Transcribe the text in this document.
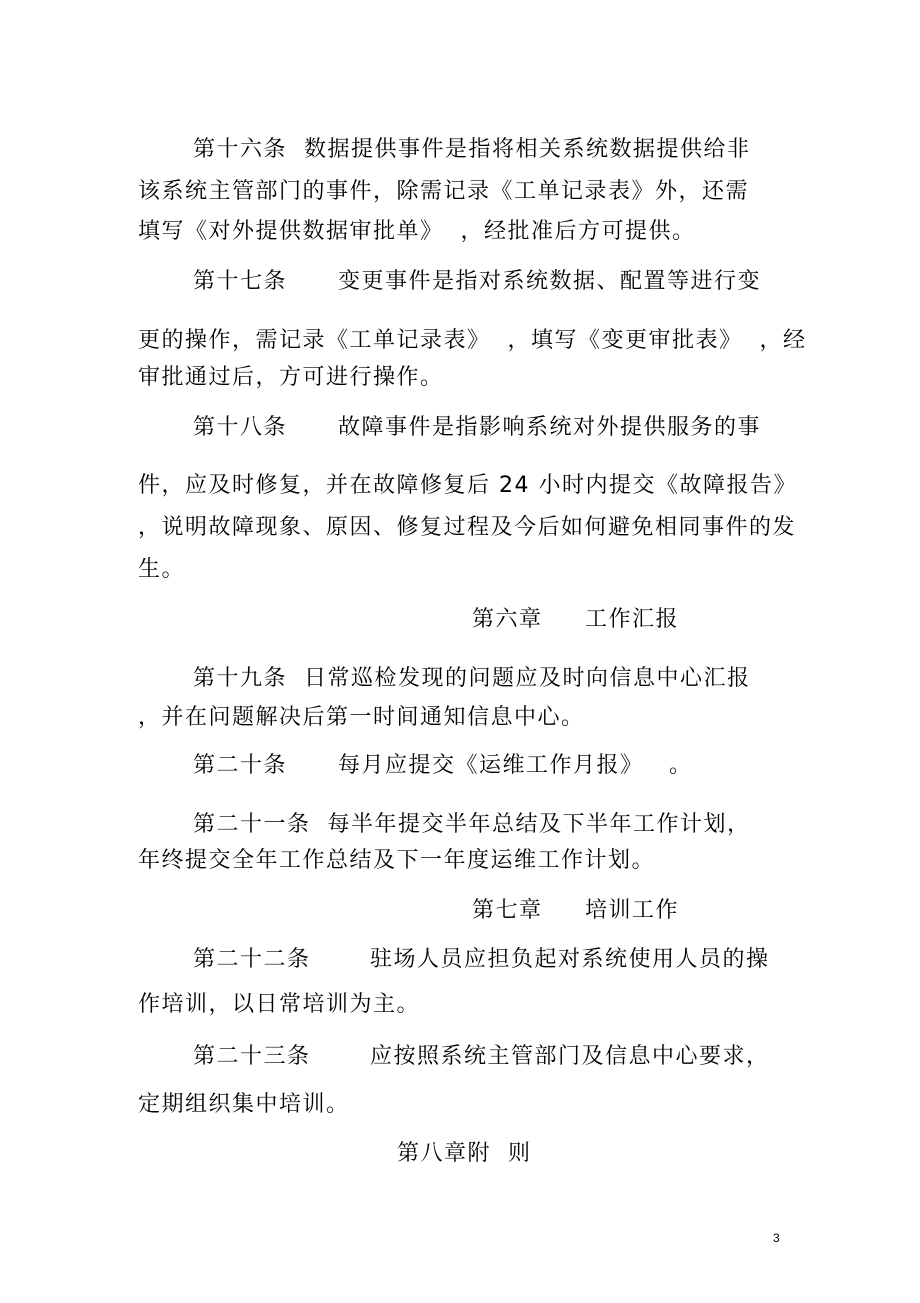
第十六条  数据提供事件是指将相关系统数据提供给非

该系统主管部门的事件，除需记录《工单记录表》外，还需

填写《对外提供数据审批单》  ，经批准后方可提供。

第十七条      变更事件是指对系统数据、配置等进行变

更的操作，需记录《工单记录表》  ，填写《变更审批表》  ，经

审批通过后，方可进行操作。

第十八条      故障事件是指影响系统对外提供服务的事

件，应及时修复，并在故障修复后 24 小时内提交《故障报告》

，说明故障现象、原因、修复过程及今后如何避免相同事件的发

生。

第六章     工作汇报

第十九条  日常巡检发现的问题应及时向信息中心汇报

，并在问题解决后第一时间通知信息中心。

第二十条      每月应提交《运维工作月报》   。

第二十一条  每半年提交半年总结及下半年工作计划，

年终提交全年工作总结及下一年度运维工作计划。

第七章     培训工作

第二十二条       驻场人员应担负起对系统使用人员的操

作培训，以日常培训为主。

第二十三条       应按照系统主管部门及信息中心要求，

定期组织集中培训。

第八章附  则

3
